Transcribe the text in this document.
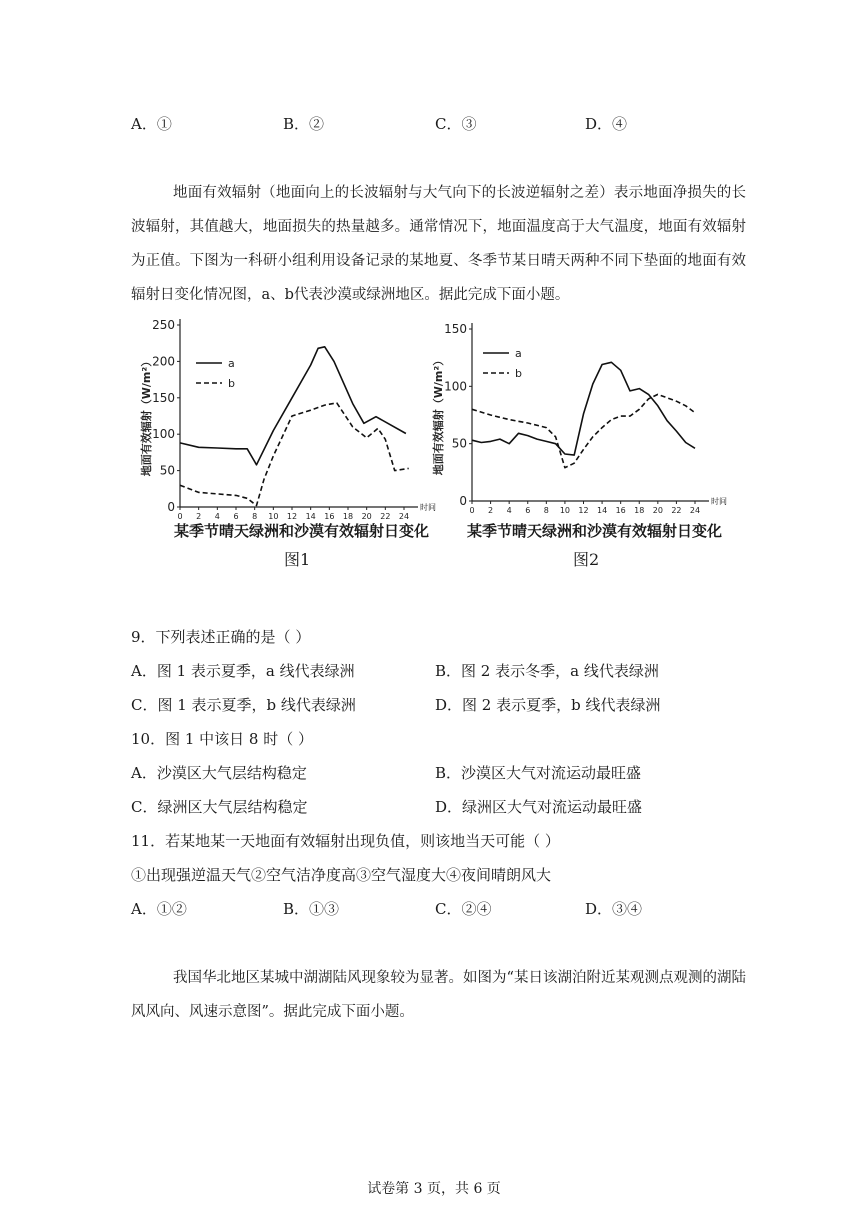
A．①	B．②	C．③	D．④
地面有效辐射（地面向上的长波辐射与大气向下的长波逆辐射之差）表示地面净损失的长波辐射，其值越大，地面损失的热量越多。通常情况下，地面温度高于大气温度，地面有效辐射为正值。下图为一科研小组利用设备记录的某地夏、冬季节某日晴天两种不同下垫面的地面有效辐射日变化情况图，a、b代表沙漠或绿洲地区。据此完成下面小题。
0
50
100
150
200
250
0 2 4 6 8 10 12 14 16 18 20 22 24
时间
地面有效辐射（W/m²）	a
b
某季节晴天绿洲和沙漠有效辐射日变化
图1
0
50
100
150
0 2 4 6 8 10 12 14 16 18 20 22 24
时间
地面有效辐射（W/m²）
a
b
某季节晴天绿洲和沙漠有效辐射日变化
图2
9．下列表述正确的是（ ）
A．图 1 表示夏季，a 线代表绿洲	B．图 2 表示冬季，a 线代表绿洲
C．图 1 表示夏季，b 线代表绿洲	D．图 2 表示夏季，b 线代表绿洲
10．图 1 中该日 8 时（ ）
A．沙漠区大气层结构稳定	B．沙漠区大气对流运动最旺盛
C．绿洲区大气层结构稳定	D．绿洲区大气对流运动最旺盛
11．若某地某一天地面有效辐射出现负值，则该地当天可能（ ）
①出现强逆温天气②空气洁净度高③空气湿度大④夜间晴朗风大
A．①②	B．①③	C．②④	D．③④
我国华北地区某城中湖湖陆风现象较为显著。如图为“某日该湖泊附近某观测点观测的湖陆风风向、风速示意图”。据此完成下面小题。
试卷第 3 页，共 6 页
